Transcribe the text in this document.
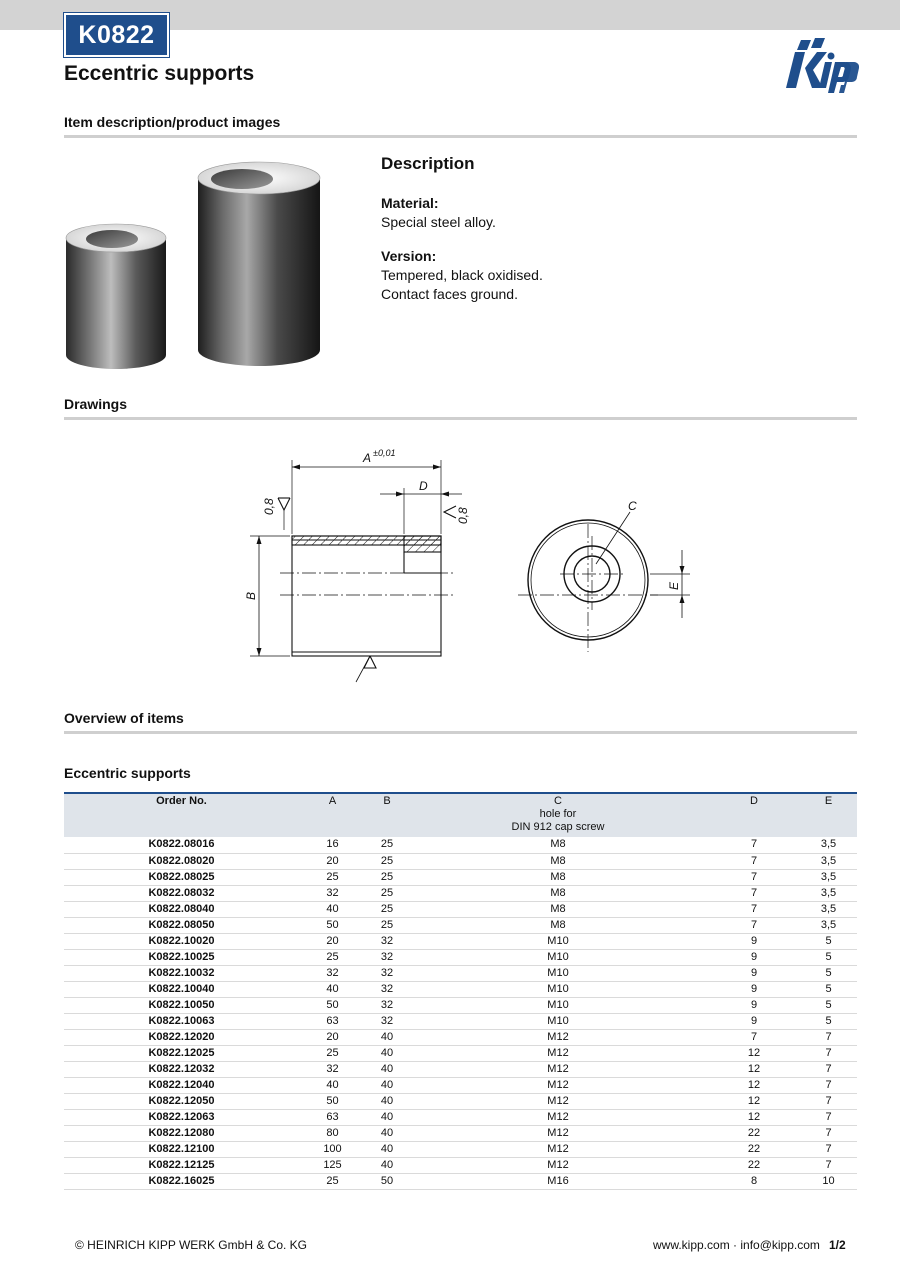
K0822
Eccentric supports
Item description/product images
Description
Material:
Special steel alloy.
Version:
Tempered, black oxidised.
Contact faces ground.
Drawings
A ±0,01
D
B
0,8
0,8
C
E
Overview of items
Eccentric supports
Order No.	A	B	C
hole for
DIN 912 cap screw	D	E
K0822.08016	16	25	M8	7	3,5
K0822.08020	20	25	M8	7	3,5
K0822.08025	25	25	M8	7	3,5
K0822.08032	32	25	M8	7	3,5
K0822.08040	40	25	M8	7	3,5
K0822.08050	50	25	M8	7	3,5
K0822.10020	20	32	M10	9	5
K0822.10025	25	32	M10	9	5
K0822.10032	32	32	M10	9	5
K0822.10040	40	32	M10	9	5
K0822.10050	50	32	M10	9	5
K0822.10063	63	32	M10	9	5
K0822.12020	20	40	M12	7	7
K0822.12025	25	40	M12	12	7
K0822.12032	32	40	M12	12	7
K0822.12040	40	40	M12	12	7
K0822.12050	50	40	M12	12	7
K0822.12063	63	40	M12	12	7
K0822.12080	80	40	M12	22	7
K0822.12100	100	40	M12	22	7
K0822.12125	125	40	M12	22	7
K0822.16025	25	50	M16	8	10
© HEINRICH KIPP WERK GmbH & Co. KG	www.kipp.com · info@kipp.com 1/2
